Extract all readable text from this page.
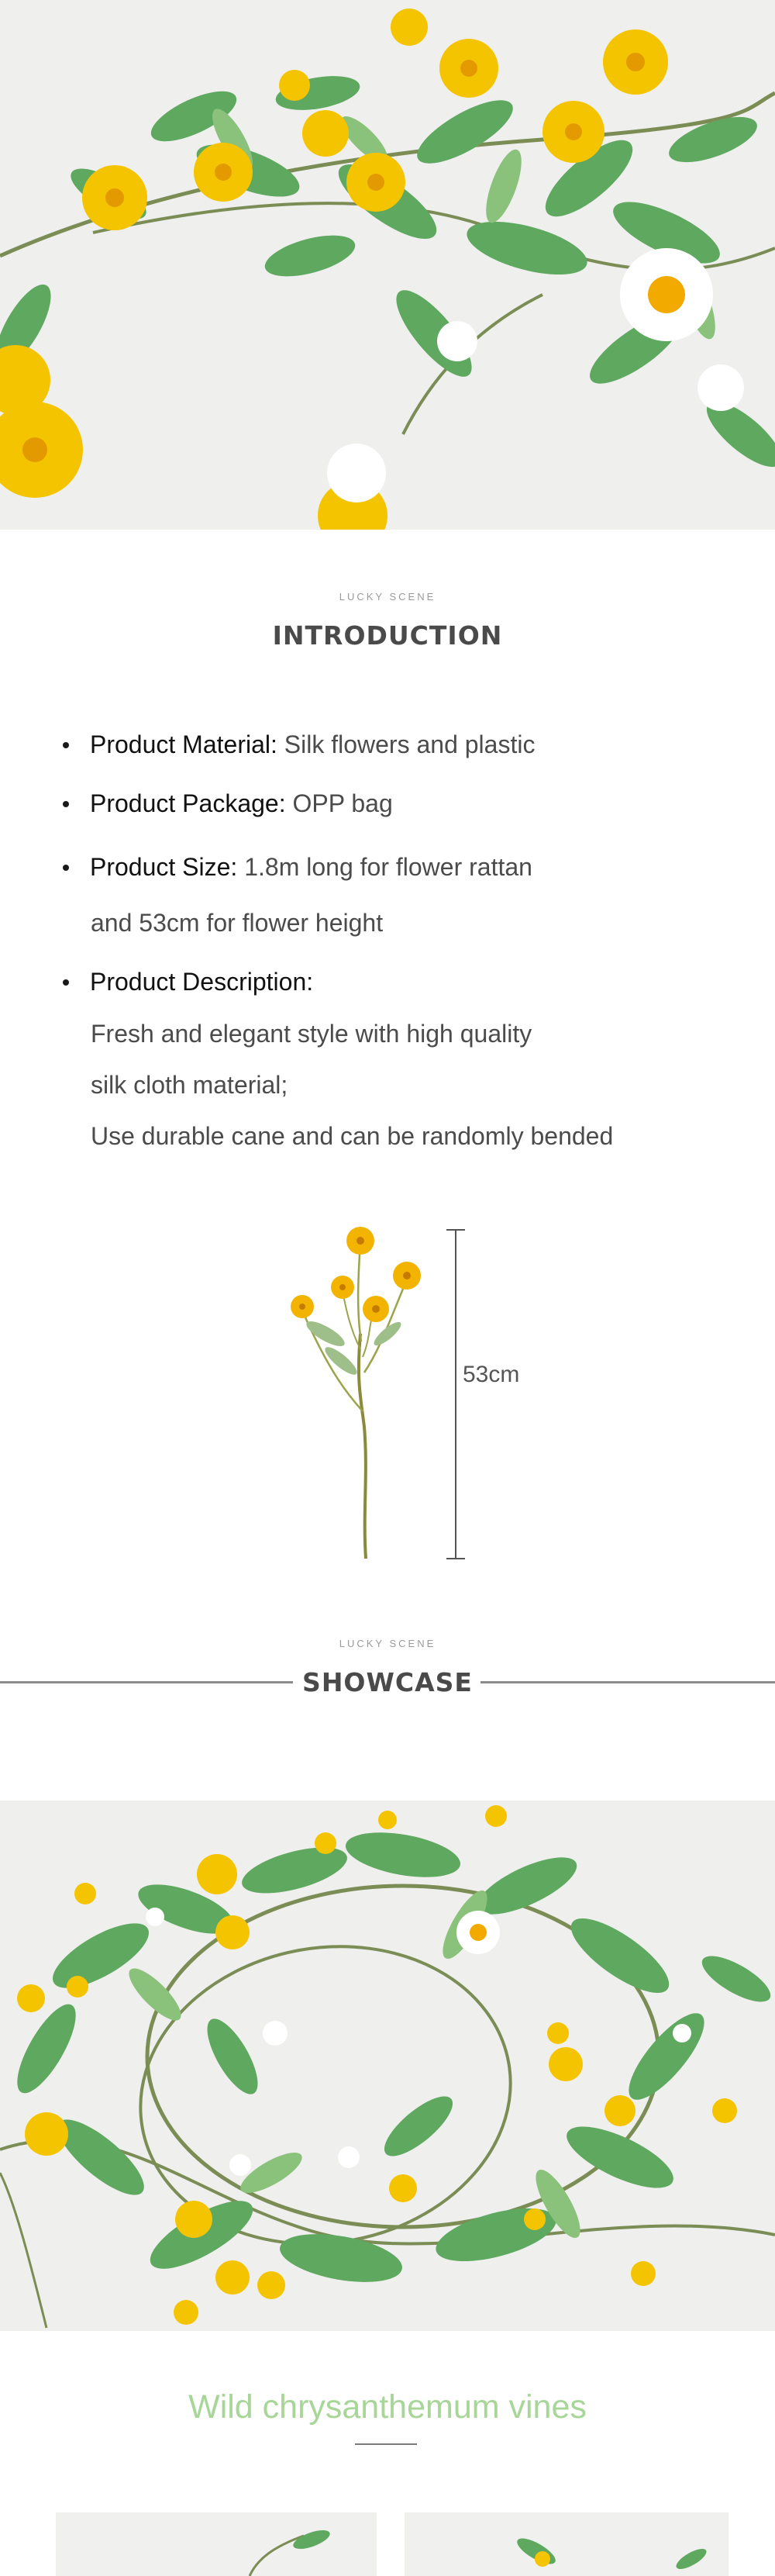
LUCKY SCENE
INTRODUCTION
Product Material: Silk flowers and plastic
Product Package: OPP bag
Product Size: 1.8m long for flower rattan
and 53cm for flower height
Product Description:
Fresh and elegant style with high quality
silk cloth material;
Use durable cane and can be randomly bended
53cm
LUCKY SCENE
SHOWCASE
Wild chrysanthemum vines
